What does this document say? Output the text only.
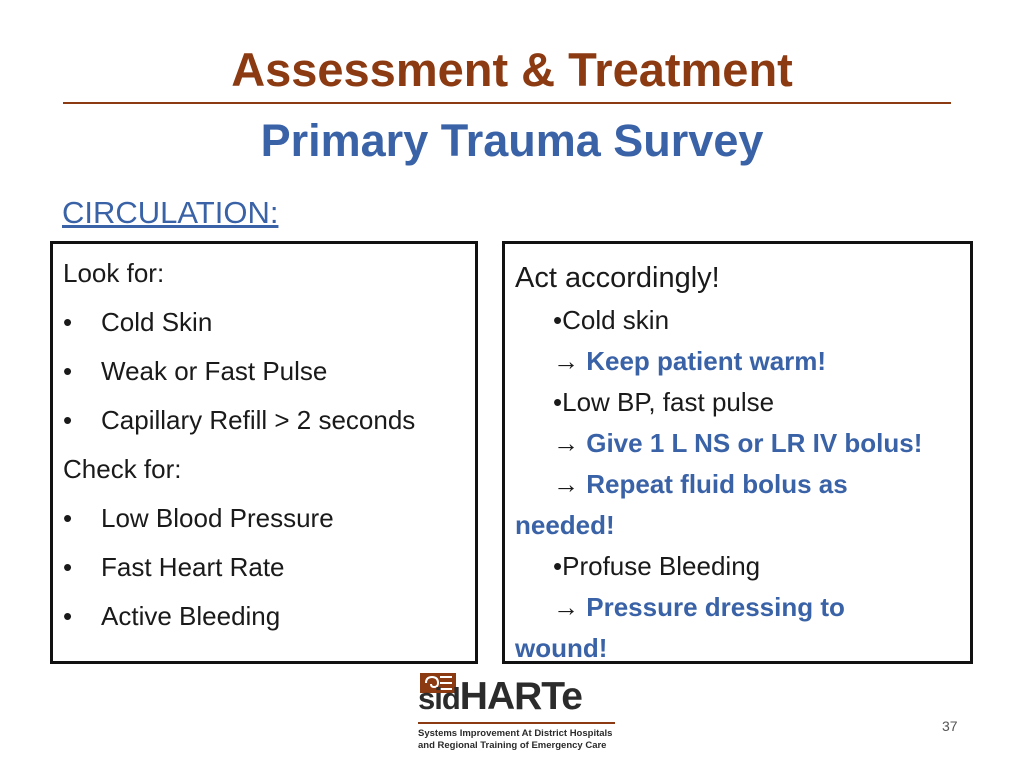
Assessment & Treatment
Primary Trauma Survey
CIRCULATION:
Look for:
• Cold Skin
• Weak or Fast Pulse
• Capillary Refill > 2 seconds
Check for:
• Low Blood Pressure
• Fast Heart Rate
• Active Bleeding
Act accordingly!
•Cold skin
→ Keep patient warm!
•Low BP, fast pulse
→ Give 1 L NS or LR IV bolus!
→ Repeat fluid bolus as needed!
•Profuse Bleeding
→ Pressure dressing to wound!
sidHARTe
Systems Improvement At District Hospitals
and Regional Training of Emergency Care
37
